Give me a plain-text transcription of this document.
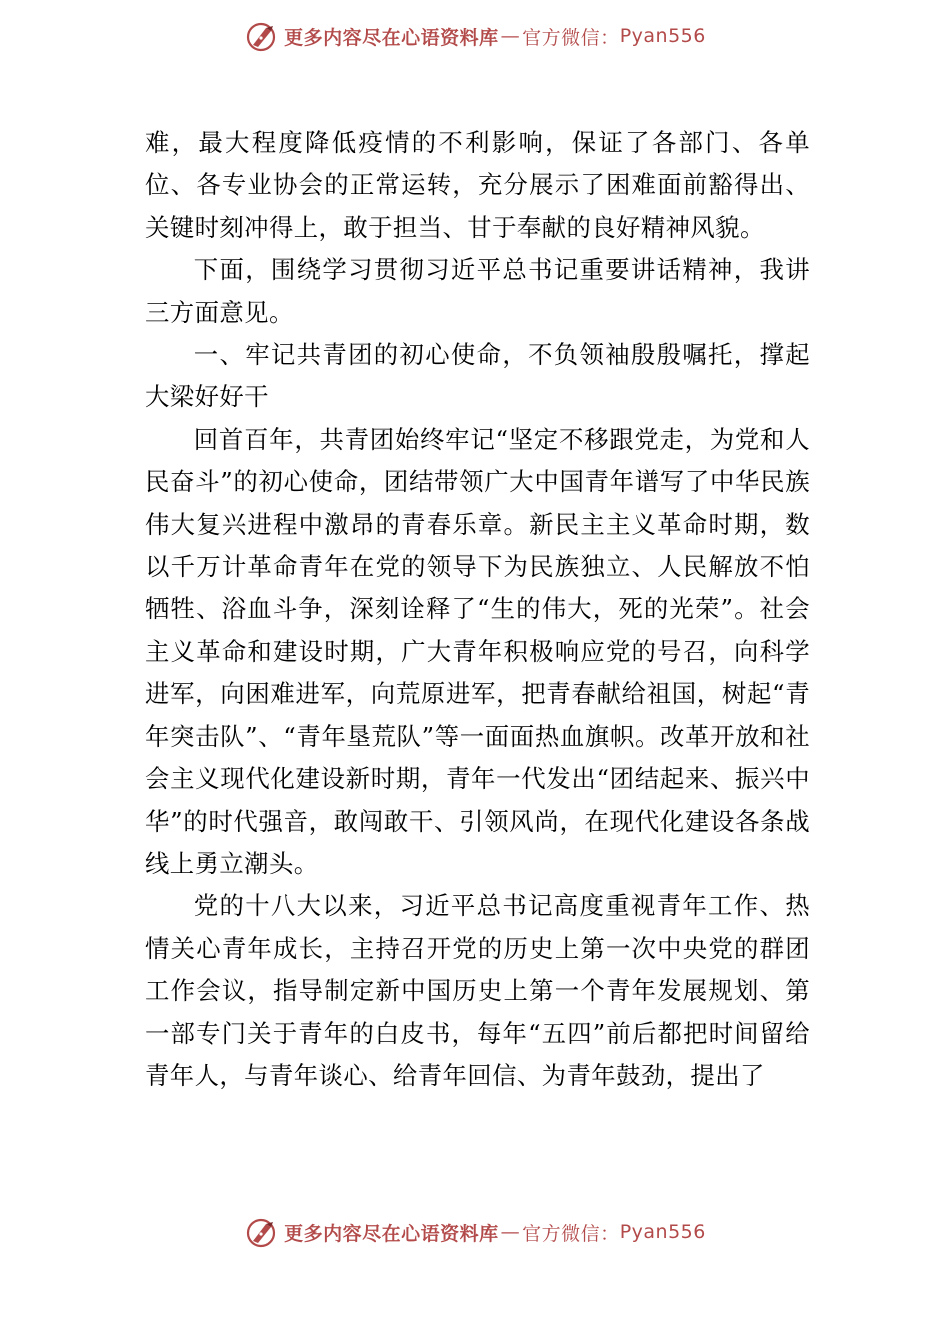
更多内容尽在心语资料库 — 官方微信： Pyan556

难，最大程度降低疫情的不利影响，保证了各部门、各单位、各专业协会的正常运转，充分展示了困难面前豁得出、关键时刻冲得上，敢于担当、甘于奉献的良好精神风貌。

下面，围绕学习贯彻习近平总书记重要讲话精神，我讲三方面意见。

一、牢记共青团的初心使命，不负领袖殷殷嘱托，撑起大梁好好干

回首百年，共青团始终牢记“坚定不移跟党走，为党和人民奋斗”的初心使命，团结带领广大中国青年谱写了中华民族伟大复兴进程中激昂的青春乐章。新民主主义革命时期，数以千万计革命青年在党的领导下为民族独立、人民解放不怕牺牲、浴血斗争，深刻诠释了“生的伟大，死的光荣”。社会主义革命和建设时期，广大青年积极响应党的号召，向科学进军，向困难进军，向荒原进军，把青春献给祖国，树起“青年突击队”、“青年垦荒队”等一面面热血旗帜。改革开放和社会主义现代化建设新时期，青年一代发出“团结起来、振兴中华”的时代强音，敢闯敢干、引领风尚，在现代化建设各条战线上勇立潮头。

党的十八大以来，习近平总书记高度重视青年工作、热情关心青年成长，主持召开党的历史上第一次中央党的群团工作会议，指导制定新中国历史上第一个青年发展规划、第一部专门关于青年的白皮书，每年“五四”前后都把时间留给青年人，与青年谈心、给青年回信、为青年鼓劲，提出了

更多内容尽在心语资料库 — 官方微信： Pyan556
